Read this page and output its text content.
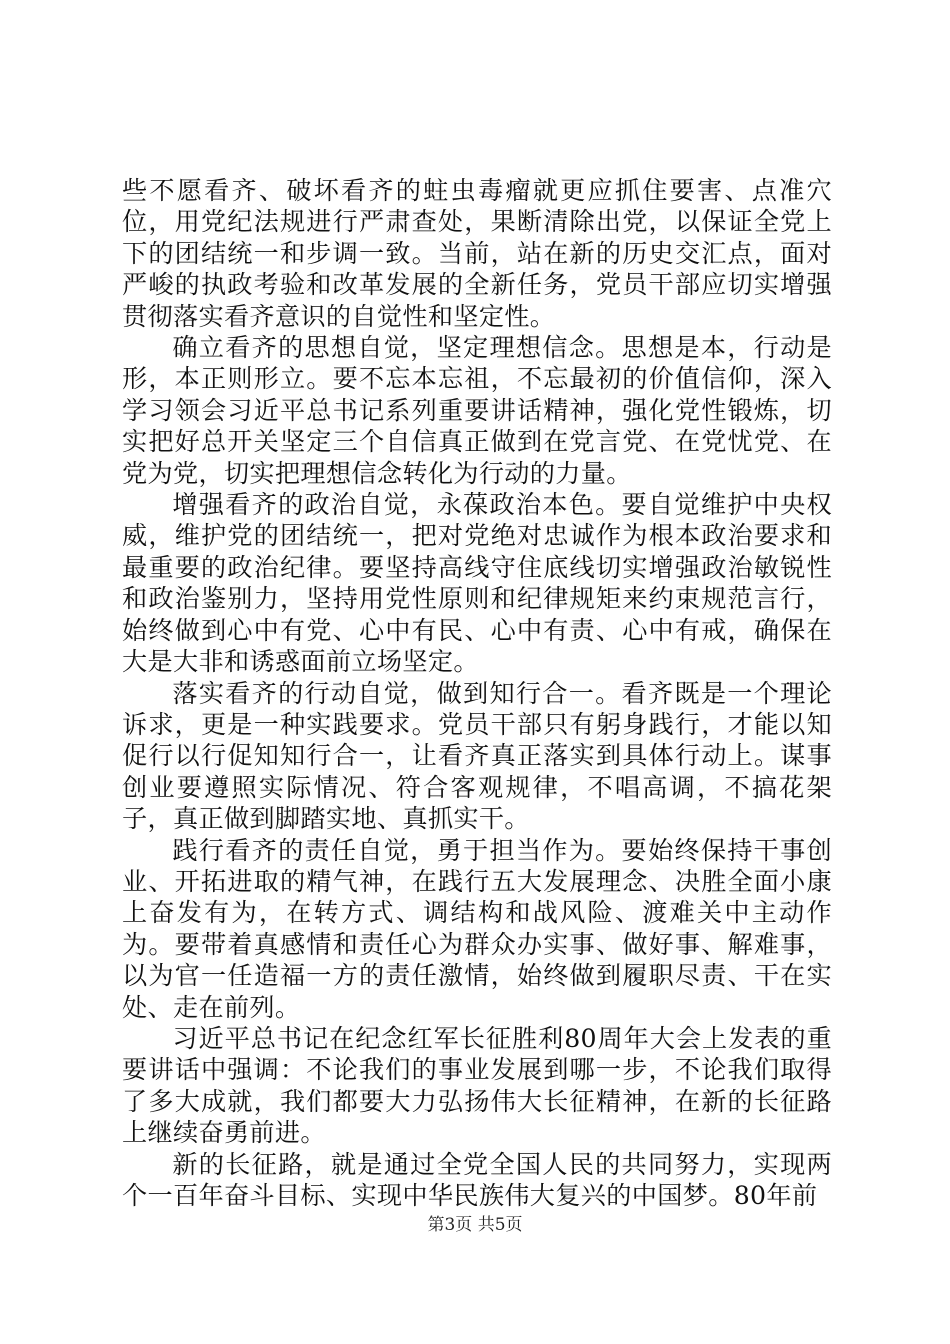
些不愿看齐、破坏看齐的蛀虫毒瘤就更应抓住要害、点准穴位，用党纪法规进行严肃查处，果断清除出党，以保证全党上下的团结统一和步调一致。当前，站在新的历史交汇点，面对严峻的执政考验和改革发展的全新任务，党员干部应切实增强贯彻落实看齐意识的自觉性和坚定性。

确立看齐的思想自觉，坚定理想信念。思想是本，行动是形，本正则形立。要不忘本忘祖，不忘最初的价值信仰，深入学习领会习近平总书记系列重要讲话精神，强化党性锻炼，切实把好总开关坚定三个自信真正做到在党言党、在党忧党、在党为党，切实把理想信念转化为行动的力量。

增强看齐的政治自觉，永葆政治本色。要自觉维护中央权威，维护党的团结统一，把对党绝对忠诚作为根本政治要求和最重要的政治纪律。要坚持高线守住底线切实增强政治敏锐性和政治鉴别力，坚持用党性原则和纪律规矩来约束规范言行，始终做到心中有党、心中有民、心中有责、心中有戒，确保在大是大非和诱惑面前立场坚定。

落实看齐的行动自觉，做到知行合一。看齐既是一个理论诉求，更是一种实践要求。党员干部只有躬身践行，才能以知促行以行促知知行合一，让看齐真正落实到具体行动上。谋事创业要遵照实际情况、符合客观规律，不唱高调，不搞花架子，真正做到脚踏实地、真抓实干。

践行看齐的责任自觉，勇于担当作为。要始终保持干事创业、开拓进取的精气神，在践行五大发展理念、决胜全面小康上奋发有为，在转方式、调结构和战风险、渡难关中主动作为。要带着真感情和责任心为群众办实事、做好事、解难事，以为官一任造福一方的责任激情，始终做到履职尽责、干在实处、走在前列。

习近平总书记在纪念红军长征胜利80周年大会上发表的重要讲话中强调：不论我们的事业发展到哪一步，不论我们取得了多大成就，我们都要大力弘扬伟大长征精神，在新的长征路上继续奋勇前进。

新的长征路，就是通过全党全国人民的共同努力，实现两个一百年奋斗目标、实现中华民族伟大复兴的中国梦。80年前

第3页 共5页
